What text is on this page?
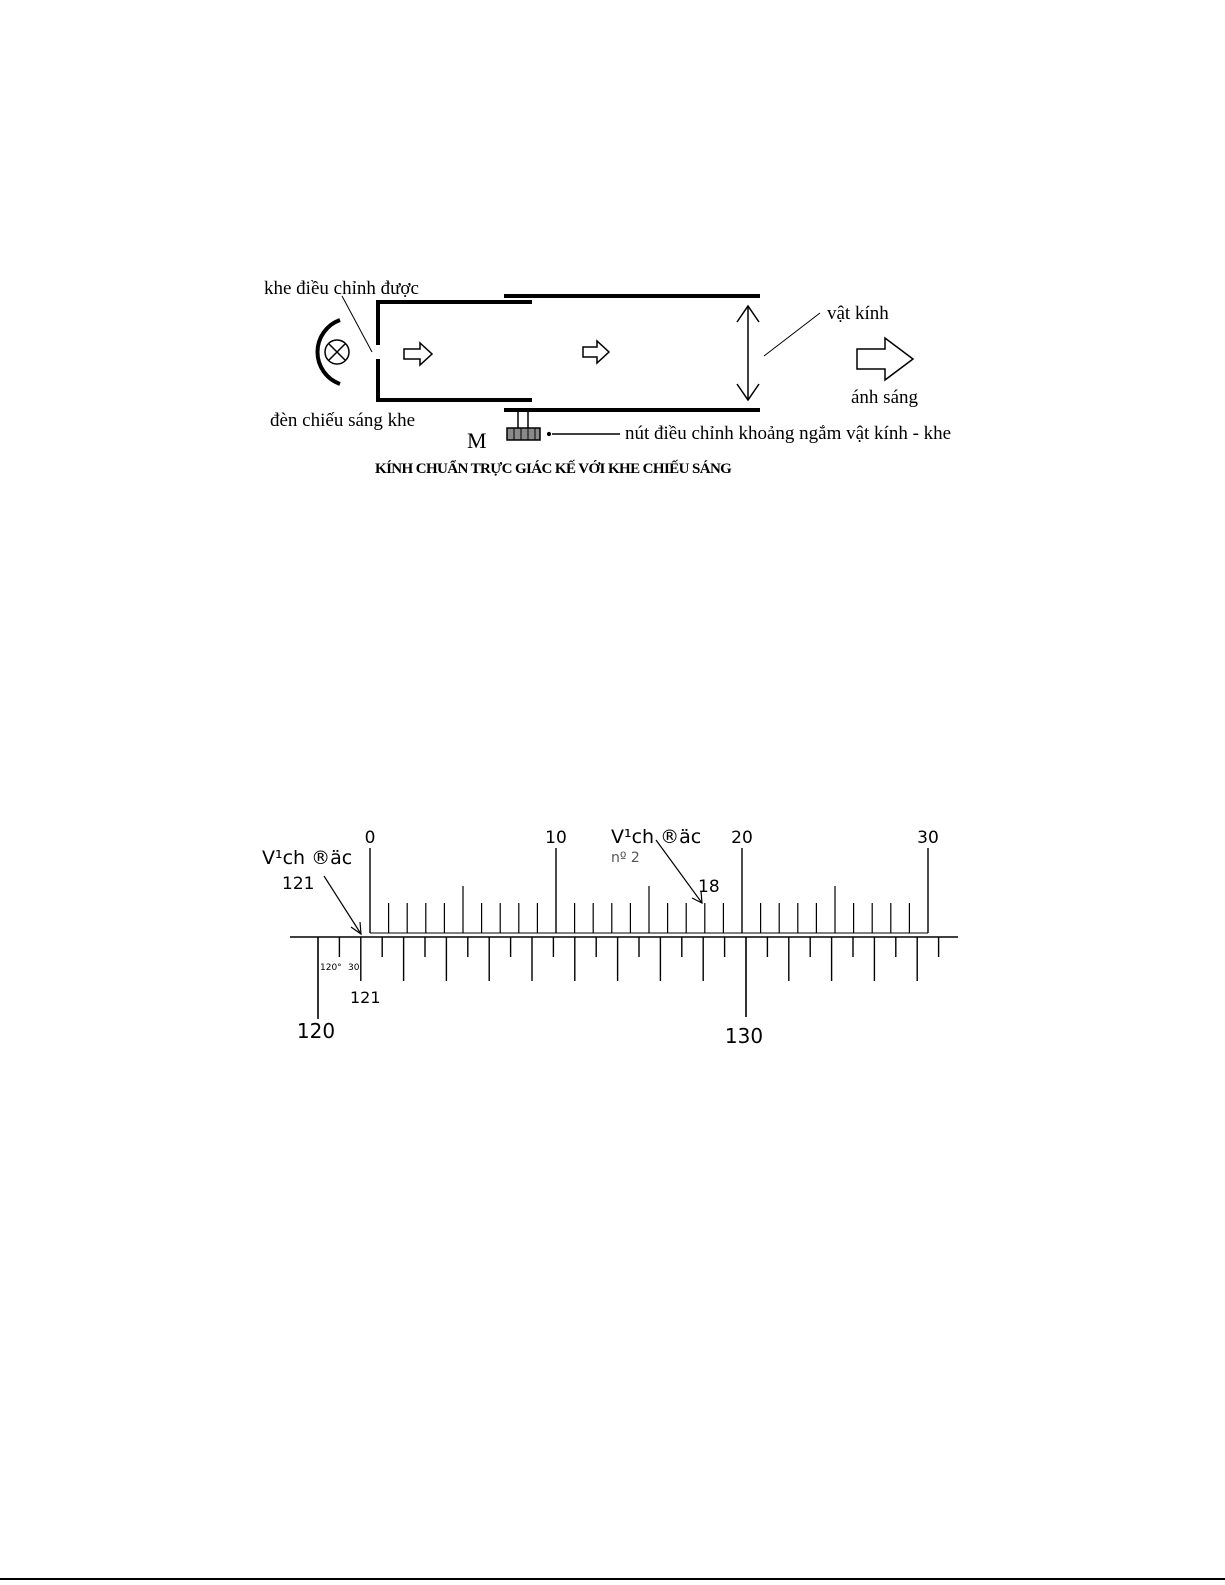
khe điều chỉnh được
đèn chiếu sáng khe
vật kính
ánh sáng
M	nút điều chỉnh khoảng ngắm vật kính - khe
KÍNH CHUẨN TRỰC GIÁC KẾ VỚI KHE CHIẾU SÁNG
0	10	20	30
120	130
V¹ch ®äc
121
V¹ch ®äc
nº 2
18
120° 30
121
